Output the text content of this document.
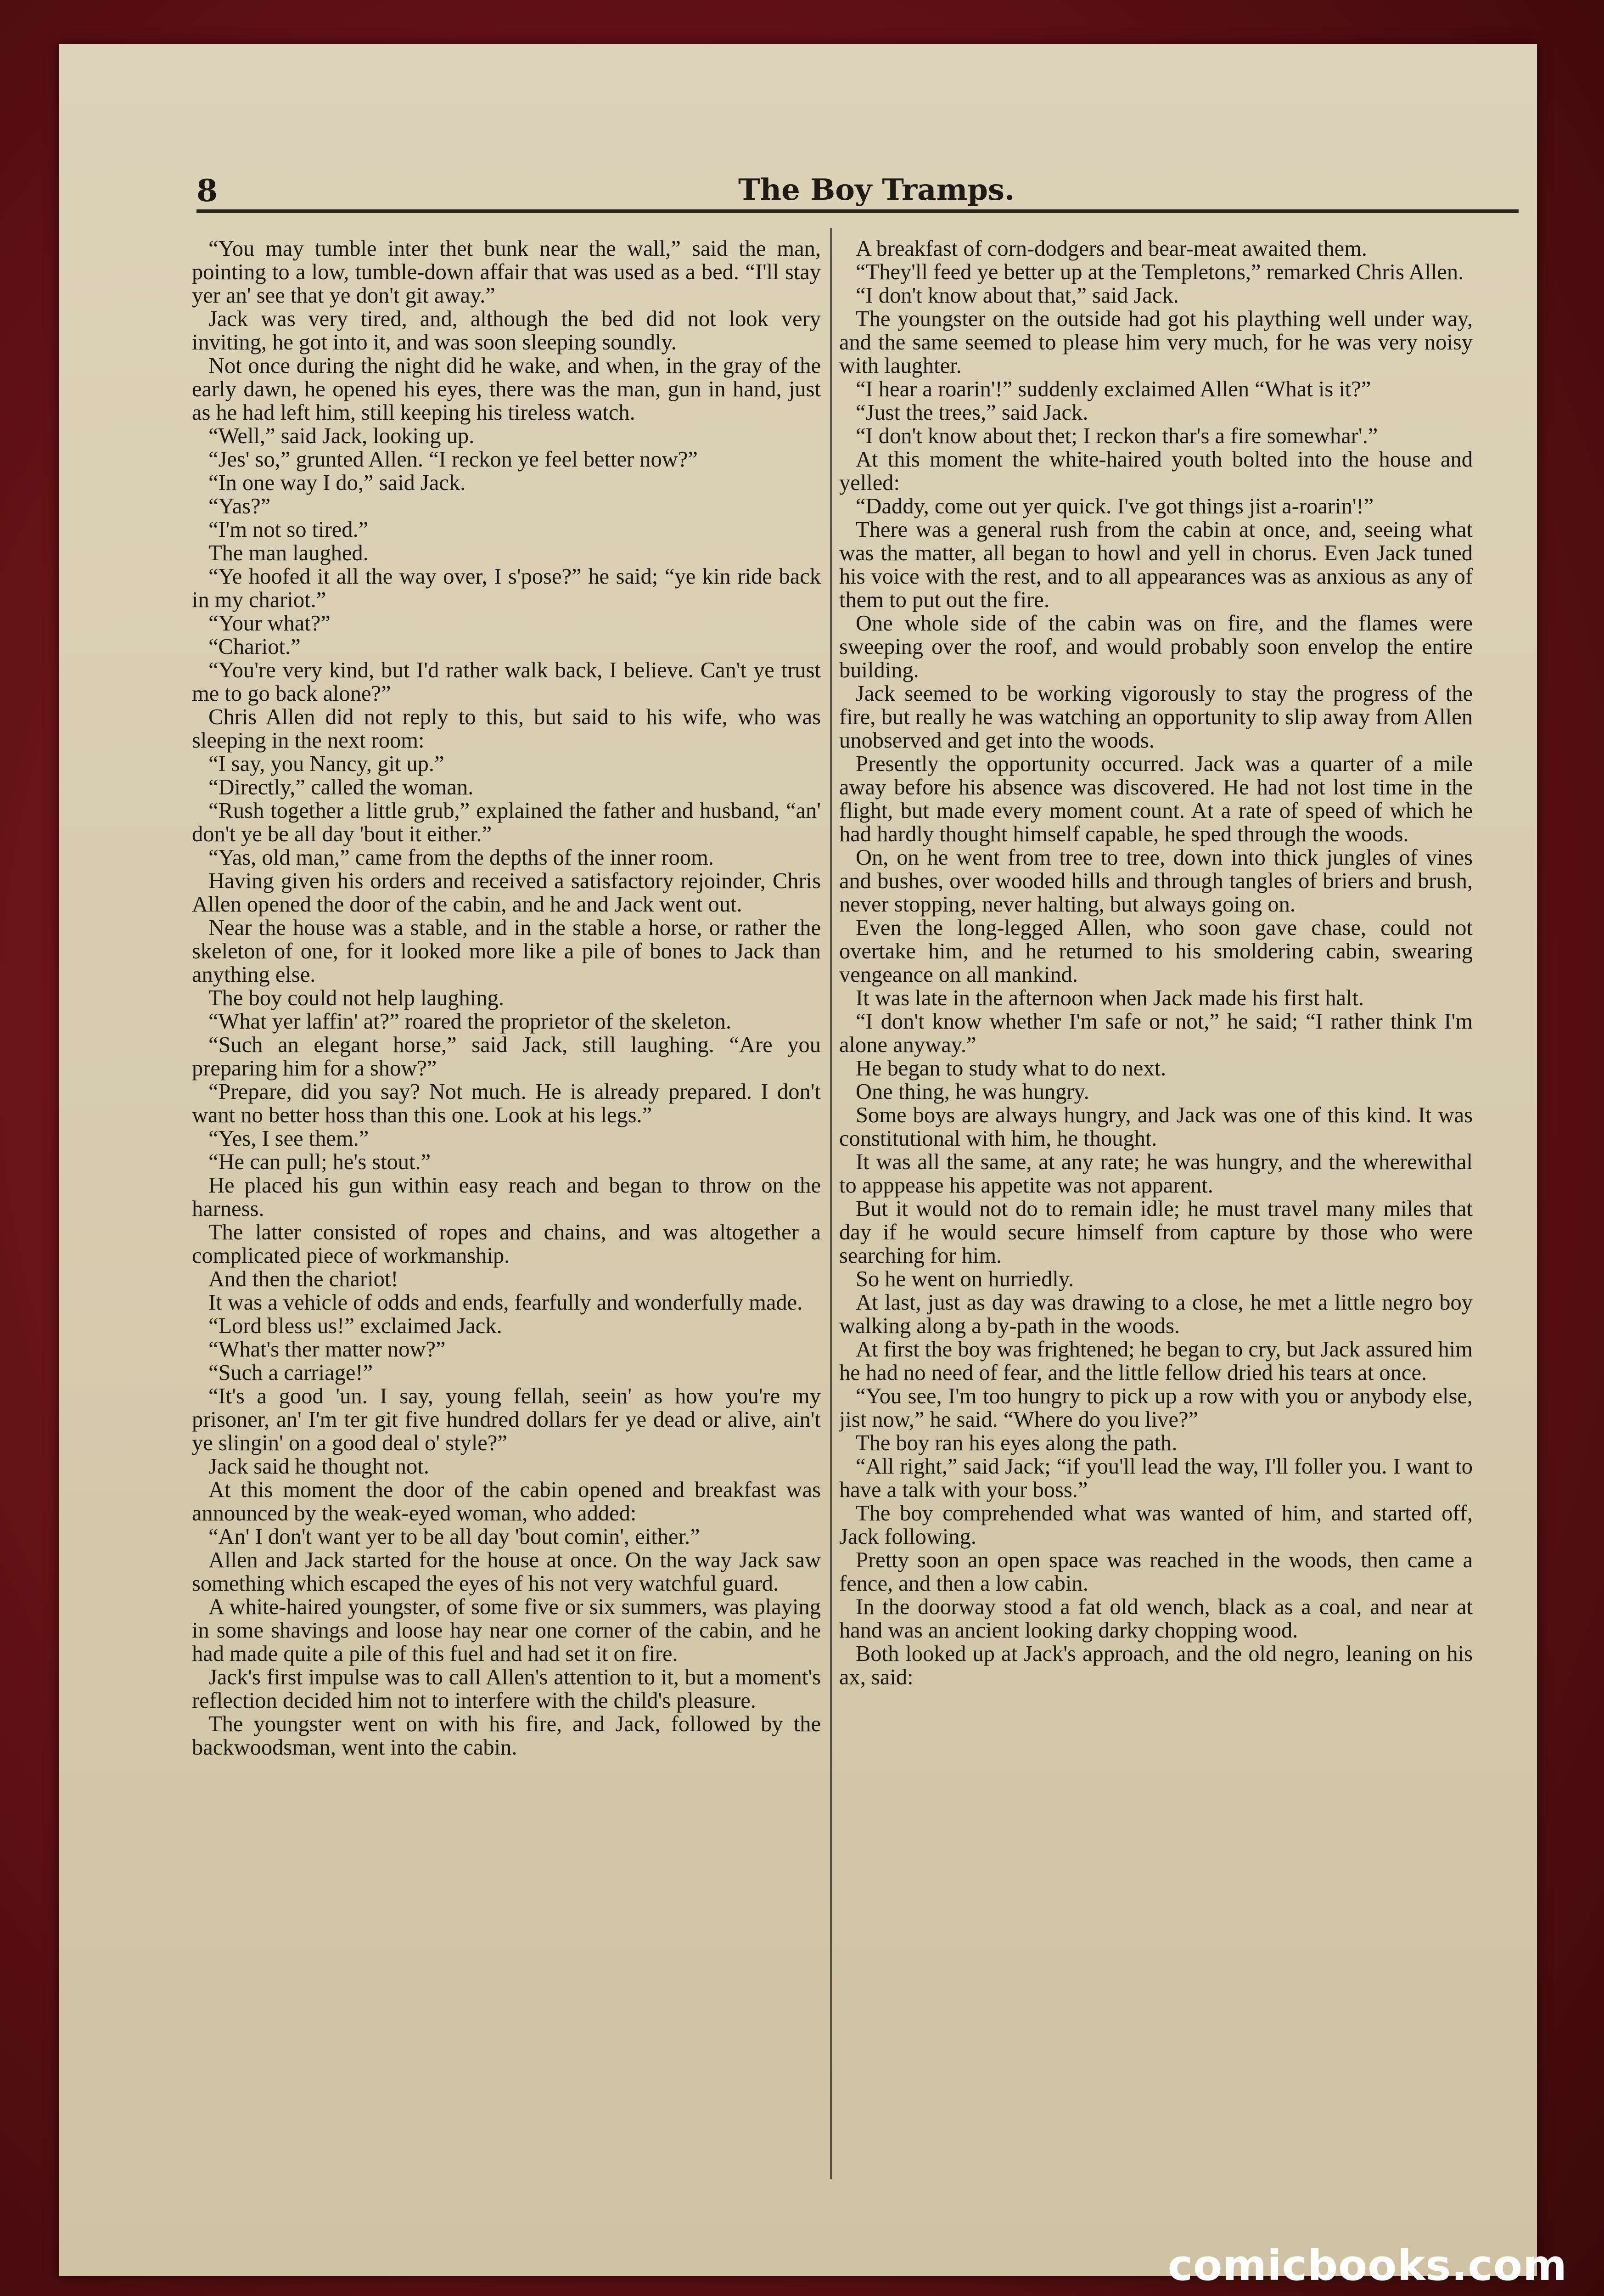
8	The Boy Tramps.

“You may tumble inter thet bunk near the wall,” said the man, pointing to a low, tumble-down affair that was used as a bed. “I'll stay yer an' see that ye don't git away.”

Jack was very tired, and, although the bed did not look very inviting, he got into it, and was soon sleeping soundly.

Not once during the night did he wake, and when, in the gray of the early dawn, he opened his eyes, there was the man, gun in hand, just as he had left him, still keeping his tireless watch.

“Well,” said Jack, looking up.

“Jes' so,” grunted Allen. “I reckon ye feel better now?”

“In one way I do,” said Jack.

“Yas?”

“I'm not so tired.”

The man laughed.

“Ye hoofed it all the way over, I s'pose?” he said; “ye kin ride back in my chariot.”

“Your what?”

“Chariot.”

“You're very kind, but I'd rather walk back, I believe. Can't ye trust me to go back alone?”

Chris Allen did not reply to this, but said to his wife, who was sleeping in the next room:

“I say, you Nancy, git up.”

“Directly,” called the woman.

“Rush together a little grub,” explained the father and husband, “an' don't ye be all day 'bout it either.”

“Yas, old man,” came from the depths of the inner room.

Having given his orders and received a satisfactory rejoinder, Chris Allen opened the door of the cabin, and he and Jack went out.

Near the house was a stable, and in the stable a horse, or rather the skeleton of one, for it looked more like a pile of bones to Jack than anything else.

The boy could not help laughing.

“What yer laffin' at?” roared the proprietor of the skeleton.

“Such an elegant horse,” said Jack, still laughing. “Are you preparing him for a show?”

“Prepare, did you say? Not much. He is already prepared. I don't want no better hoss than this one. Look at his legs.”

“Yes, I see them.”

“He can pull; he's stout.”

He placed his gun within easy reach and began to throw on the harness.

The latter consisted of ropes and chains, and was altogether a complicated piece of workmanship.

And then the chariot!

It was a vehicle of odds and ends, fearfully and wonderfully made.

“Lord bless us!” exclaimed Jack.

“What's ther matter now?”

“Such a carriage!”

“It's a good 'un. I say, young fellah, seein' as how you're my prisoner, an' I'm ter git five hundred dollars fer ye dead or alive, ain't ye slingin' on a good deal o' style?”

Jack said he thought not.

At this moment the door of the cabin opened and breakfast was announced by the weak-eyed woman, who added:

“An' I don't want yer to be all day 'bout comin', either.”

Allen and Jack started for the house at once. On the way Jack saw something which escaped the eyes of his not very watchful guard.

A white-haired youngster, of some five or six summers, was playing in some shavings and loose hay near one corner of the cabin, and he had made quite a pile of this fuel and had set it on fire.

Jack's first impulse was to call Allen's attention to it, but a moment's reflection decided him not to interfere with the child's pleasure.

The youngster went on with his fire, and Jack, followed by the backwoodsman, went into the cabin.

A breakfast of corn-dodgers and bear-meat awaited them.

“They'll feed ye better up at the Templetons,” remarked Chris Allen.

“I don't know about that,” said Jack.

The youngster on the outside had got his plaything well under way, and the same seemed to please him very much, for he was very noisy with laughter.

“I hear a roarin'!” suddenly exclaimed Allen “What is it?”

“Just the trees,” said Jack.

“I don't know about thet; I reckon thar's a fire somewhar'.”

At this moment the white-haired youth bolted into the house and yelled:

“Daddy, come out yer quick. I've got things jist a-roarin'!”

There was a general rush from the cabin at once, and, seeing what was the matter, all began to howl and yell in chorus. Even Jack tuned his voice with the rest, and to all appearances was as anxious as any of them to put out the fire.

One whole side of the cabin was on fire, and the flames were sweeping over the roof, and would probably soon envelop the entire building.

Jack seemed to be working vigorously to stay the progress of the fire, but really he was watching an opportunity to slip away from Allen unobserved and get into the woods.

Presently the opportunity occurred. Jack was a quarter of a mile away before his absence was discovered. He had not lost time in the flight, but made every moment count. At a rate of speed of which he had hardly thought himself capable, he sped through the woods.

On, on he went from tree to tree, down into thick jungles of vines and bushes, over wooded hills and through tangles of briers and brush, never stopping, never halting, but always going on.

Even the long-legged Allen, who soon gave chase, could not overtake him, and he returned to his smoldering cabin, swearing vengeance on all mankind.

It was late in the afternoon when Jack made his first halt.

“I don't know whether I'm safe or not,” he said; “I rather think I'm alone anyway.”

He began to study what to do next.

One thing, he was hungry.

Some boys are always hungry, and Jack was one of this kind. It was constitutional with him, he thought.

It was all the same, at any rate; he was hungry, and the wherewithal to apppease his appetite was not apparent.

But it would not do to remain idle; he must travel many miles that day if he would secure himself from capture by those who were searching for him.

So he went on hurriedly.

At last, just as day was drawing to a close, he met a little negro boy walking along a by-path in the woods.

At first the boy was frightened; he began to cry, but Jack assured him he had no need of fear, and the little fellow dried his tears at once.

“You see, I'm too hungry to pick up a row with you or anybody else, jist now,” he said. “Where do you live?”

The boy ran his eyes along the path.

“All right,” said Jack; “if you'll lead the way, I'll foller you. I want to have a talk with your boss.”

The boy comprehended what was wanted of him, and started off, Jack following.

Pretty soon an open space was reached in the woods, then came a fence, and then a low cabin.

In the doorway stood a fat old wench, black as a coal, and near at hand was an ancient looking darky chopping wood.

Both looked up at Jack's approach, and the old negro, leaning on his ax, said:

comicbooks.com
